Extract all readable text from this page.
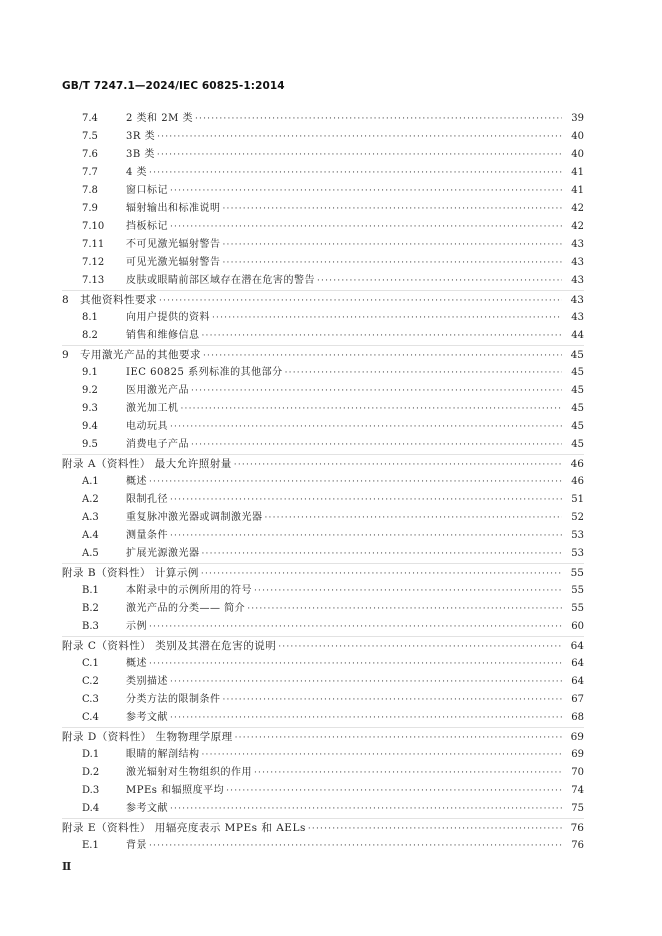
GB/T 7247.1—2024/IEC 60825-1:2014
7.4	2 类和 2M 类 ·····	39
7.5	3R 类 ·····	40
7.6	3B 类 ·····	40
7.7	4 类 ·····	41
7.8	窗口标记 ·····	41
7.9	辐射输出和标准说明 ·····	42
7.10	挡板标记 ·····	42
7.11	不可见激光辐射警告 ·····	43
7.12	可见光激光辐射警告 ·····	43
7.13	皮肤或眼睛前部区域存在潜在危害的警告 ·····	43
8	其他资料性要求 ·····	43
8.1	向用户提供的资料 ·····	43
8.2	销售和维修信息 ·····	44
9	专用激光产品的其他要求 ·····	45
9.1	IEC 60825 系列标准的其他部分 ·····	45
9.2	医用激光产品 ·····	45
9.3	激光加工机 ·····	45
9.4	电动玩具 ·····	45
9.5	消费电子产品 ·····	45
附录 A（资料性） 最大允许照射量 ·····	46
A.1	概述 ·····	46
A.2	限制孔径 ·····	51
A.3	重复脉冲激光器或调制激光器 ·····	52
A.4	测量条件 ·····	53
A.5	扩展光源激光器 ·····	53
附录 B（资料性） 计算示例 ·····	55
B.1	本附录中的示例所用的符号 ·····	55
B.2	激光产品的分类—— 简介 ·····	55
B.3	示例 ·····	60
附录 C（资料性） 类别及其潜在危害的说明 ·····	64
C.1	概述 ·····	64
C.2	类别描述 ·····	64
C.3	分类方法的限制条件 ·····	67
C.4	参考文献 ·····	68
附录 D（资料性） 生物物理学原理 ·····	69
D.1	眼睛的解剖结构 ·····	69
D.2	激光辐射对生物组织的作用 ·····	70
D.3	MPEs 和辐照度平均 ·····	74
D.4	参考文献 ·····	75
附录 E（资料性） 用辐亮度表示 MPEs 和 AELs ·····	76
E.1	背景 ·····	76
Ⅱ
